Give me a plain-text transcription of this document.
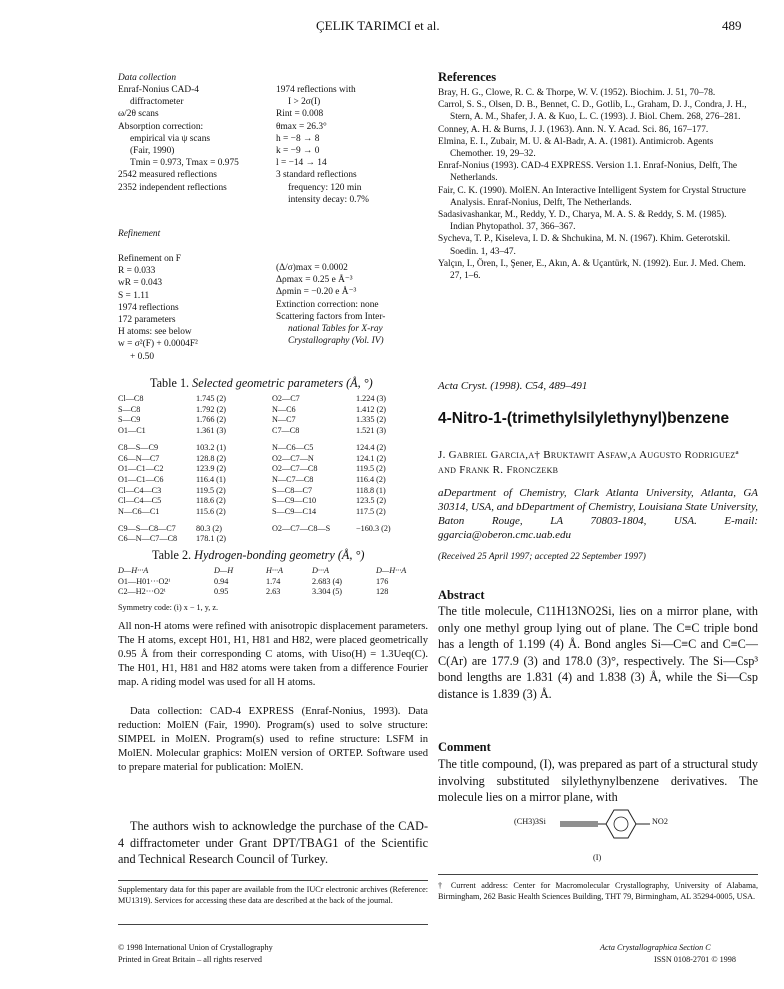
ÇELIK TARIMCI et al.	489
Data collection
Enraf-Nonius CAD-4
diffractometer
ω/2θ scans
Absorption correction:
empirical via ψ scans
(Fair, 1990)
Tmin = 0.973, Tmax = 0.975
2542 measured reflections
2352 independent reflections
1974 reflections with
I > 2σ(I)
Rint = 0.008
θmax = 26.3°
h = −8 → 8
k = −9 → 0
l = −14 → 14
3 standard reflections
frequency: 120 min
intensity decay: 0.7%
Refinement
Refinement on F
R = 0.033
wR = 0.043
S = 1.11
1974 reflections
172 parameters
H atoms: see below
w = σ²(F) + 0.0004F²
+ 0.50
(Δ/σ)max = 0.0002
Δρmax = 0.25 e Å⁻³
Δρmin = −0.20 e Å⁻³
Extinction correction: none
Scattering factors from Inter-
national Tables for X-ray
Crystallography (Vol. IV)
Table 1. Selected geometric parameters (Å, °)
Cl—C8	1.745 (2)	O2—C7	1.224 (3)
S—C8	1.792 (2)	N—C6	1.412 (2)
S—C9	1.766 (2)	N—C7	1.335 (2)
O1—C1	1.361 (3)	C7—C8	1.521 (3)
C8—S—C9	103.2 (1)	N—C6—C5	124.4 (2)
C6—N—C7	128.8 (2)	O2—C7—N	124.1 (2)
O1—C1—C2	123.9 (2)	O2—C7—C8	119.5 (2)
O1—C1—C6	116.4 (1)	N—C7—C8	116.4 (2)
Cl—C4—C3	119.5 (2)	S—C8—C7	118.8 (1)
Cl—C4—C5	118.6 (2)	S—C9—C10	123.5 (2)
N—C6—C1	115.6 (2)	S—C9—C14	117.5 (2)
C9—S—C8—C7	80.3 (2)	O2—C7—C8—S	−160.3 (2)
C6—N—C7—C8	178.1 (2)		
Table 2. Hydrogen-bonding geometry (Å, °)
D—H···A	D—H	H···A	D···A	D—H···A
O1—H01···O2ⁱ	0.94	1.74	2.683 (4)	176
C2—H2···O2ⁱ	0.95	2.63	3.304 (5)	128
Symmetry code: (i) x − 1, y, z.
All non-H atoms were refined with anisotropic displacement parameters. The H atoms, except H01, H1, H81 and H82, were placed geometrically 0.95 Å from their corresponding C atoms, with Uiso(H) = 1.3Ueq(C). The H01, H1, H81 and H82 atoms were taken from a difference Fourier map. A riding model was used for all H atoms.
Data collection: CAD-4 EXPRESS (Enraf-Nonius, 1993). Data reduction: MolEN (Fair, 1990). Program(s) used to solve structure: SIMPEL in MolEN. Program(s) used to refine structure: LSFM in MolEN. Molecular graphics: MolEN version of ORTEP. Software used to prepare material for publication: MolEN.
The authors wish to acknowledge the purchase of the CAD-4 diffractometer under Grant DPT/TBAG1 of the Scientific and Technical Research Council of Turkey.
Supplementary data for this paper are available from the IUCr electronic archives (Reference: MU1319). Services for accessing these data are described at the back of the journal.
© 1998 International Union of Crystallography
Printed in Great Britain – all rights reserved
References

Bray, H. G., Clowe, R. C. & Thorpe, W. V. (1952). Biochim. J. 51, 70–78.

Carrol, S. S., Olsen, D. B., Bennet, C. D., Gotlib, L., Graham, D. J., Condra, J. H., Stern, A. M., Shafer, J. A. & Kuo, L. C. (1993). J. Biol. Chem. 268, 276–281.

Conney, A. H. & Burns, J. J. (1963). Ann. N. Y. Acad. Sci. 86, 167–177.

Elmina, E. I., Zubair, M. U. & Al-Badr, A. A. (1981). Antimicrob. Agents Chemother. 19, 29–32.

Enraf-Nonius (1993). CAD-4 EXPRESS. Version 1.1. Enraf-Nonius, Delft, The Netherlands.

Fair, C. K. (1990). MolEN. An Interactive Intelligent System for Crystal Structure Analysis. Enraf-Nonius, Delft, The Netherlands.

Sadasivashankar, M., Reddy, Y. D., Charya, M. A. S. & Reddy, S. M. (1985). Indian Phytopathol. 37, 366–367.

Sycheva, T. P., Kiseleva, I. D. & Shchukina, M. N. (1967). Khim. Geterotskil. Soedin. 1, 43–47.

Yalçın, I., Ören, I., Şener, E., Akın, A. & Uçantürk, N. (1992). Eur. J. Med. Chem. 27, 1–6.

Acta Cryst. (1998). C54, 489–491
4-Nitro-1-(trimethylsilylethynyl)benzene
J. Gabriel Garcia,a† Bruktawit Asfaw,a Augusto Rodriguezª and Frank R. Fronczekb
aDepartment of Chemistry, Clark Atlanta University, Atlanta, GA 30314, USA, and bDepartment of Chemistry, Louisiana State University, Baton Rouge, LA 70803-1804, USA. E-mail: ggarcia@oberon.cmc.uab.edu
(Received 25 April 1997; accepted 22 September 1997)
Abstract
The title molecule, C11H13NO2Si, lies on a mirror plane, with only one methyl group lying out of plane. The C≡C triple bond has a length of 1.199 (4) Å. Bond angles Si—C≡C and C≡C—C(Ar) are 177.9 (3) and 178.0 (3)°, respectively. The Si—Csp³ bond lengths are 1.831 (4) and 1.838 (3) Å, while the Si—Csp distance is 1.839 (3) Å.
Comment
The title compound, (I), was prepared as part of a structural study involving substituted silylethynylbenzene derivatives. The molecule lies on a mirror plane, with
(CH3)3Si	NO2
(I)
† Current address: Center for Macromolecular Crystallography, University of Alabama, Birmingham, 262 Basic Health Sciences Building, THT 79, Birmingham, AL 35294-0005, USA.
Acta Crystallographica Section C
ISSN 0108-2701 © 1998
